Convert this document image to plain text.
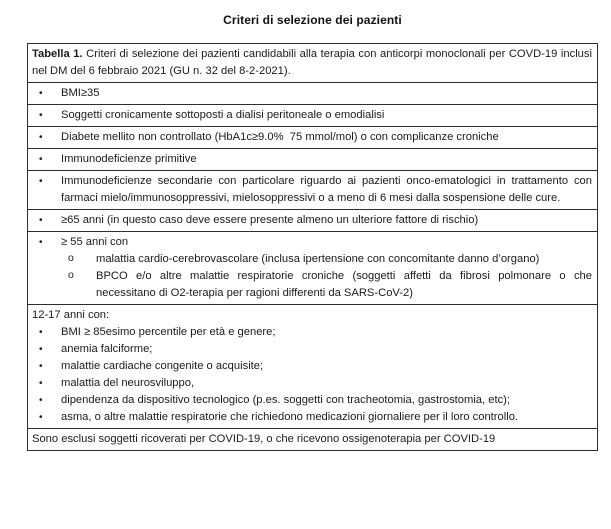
Criteri di selezione dei pazienti
Tabella 1. Criteri di selezione dei pazienti candidabili alla terapia con anticorpi monoclonali per COVD-19 inclusi nel DM del 6 febbraio 2021 (GU n. 32 del 8-2-2021).
• BMI≥35
• Soggetti cronicamente sottoposti a dialisi peritoneale o emodialisi
• Diabete mellito non controllato (HbA1c≥9.0%  75 mmol/mol) o con complicanze croniche
• Immunodeficienze primitive
• Immunodeficienze secondarie con particolare riguardo ai pazienti onco-ematologici in trattamento con farmaci mielo/immunosoppressivi, mielosoppressivi o a meno di 6 mesi dalla sospensione delle cure.
• ≥65 anni (in questo caso deve essere presente almeno un ulteriore fattore di rischio)
• ≥ 55 anni con
o malattia cardio-cerebrovascolare (inclusa ipertensione con concomitante danno d’organo)
o BPCO e/o altre malattie respiratorie croniche (soggetti affetti da fibrosi polmonare o che necessitano di O2-terapia per ragioni differenti da SARS-CoV-2)
12-17 anni con:
• BMI ≥ 85esimo percentile per età e genere;
• anemia falciforme;
• malattie cardiache congenite o acquisite;
• malattia del neurosviluppo,
• dipendenza da dispositivo tecnologico (p.es. soggetti con tracheotomia, gastrostomia, etc);
• asma, o altre malattie respiratorie che richiedono medicazioni giornaliere per il loro controllo.
Sono esclusi soggetti ricoverati per COVID-19, o che ricevono ossigenoterapia per COVID-19
